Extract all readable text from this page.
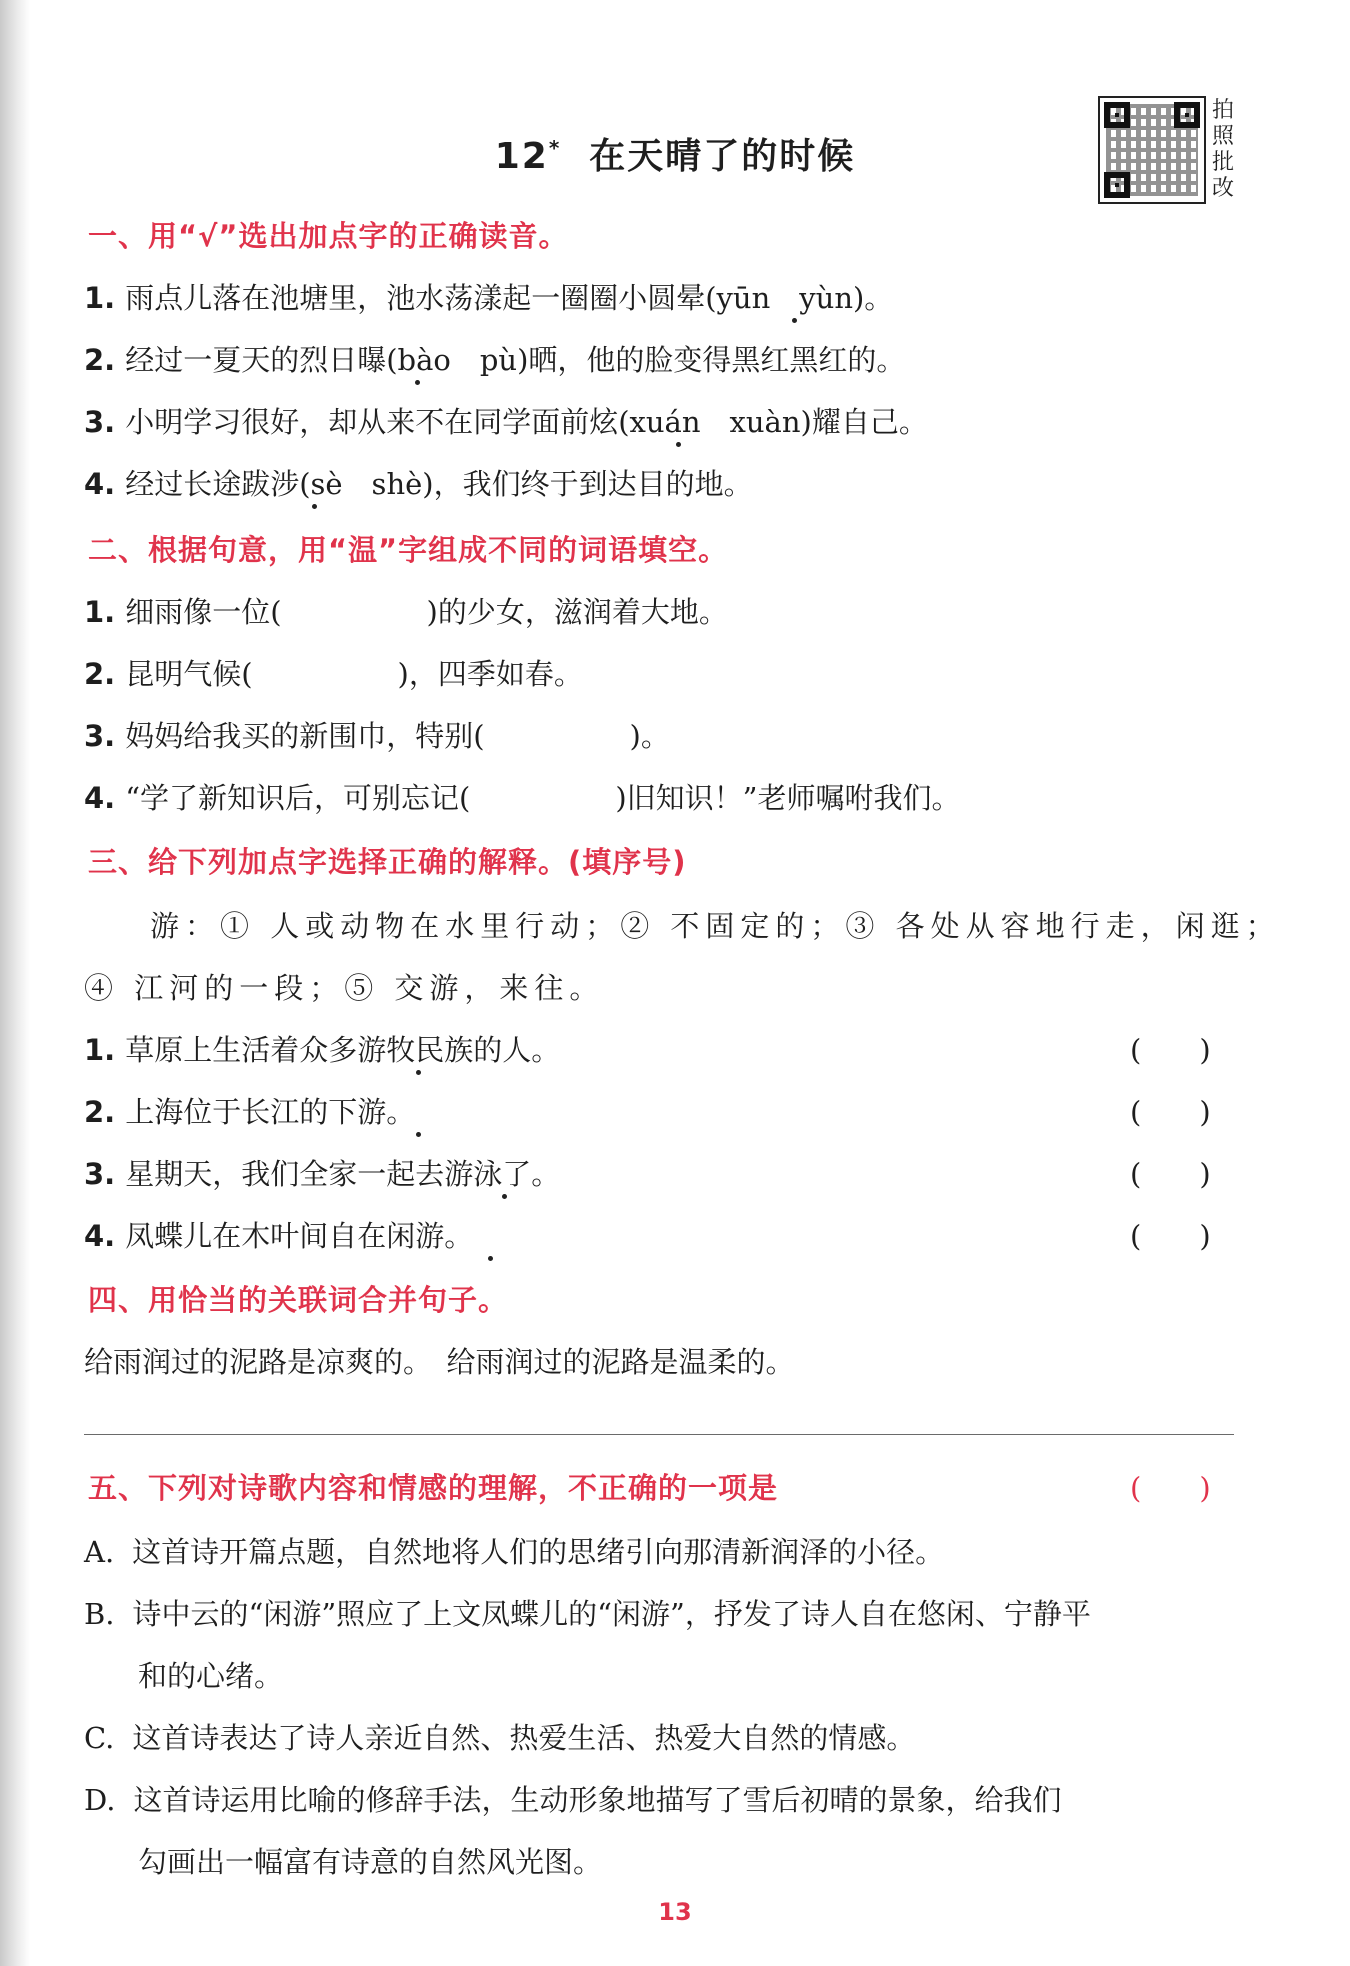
12* 在天晴了的时候
拍照批改
一、用“√”选出加点字的正确读音。
1. 雨点儿落在池塘里，池水荡漾起一圈圈小圆晕(yūn　yùn)。
2. 经过一夏天的烈日曝(bào　pù)晒，他的脸变得黑红黑红的。
3. 小明学习很好，却从来不在同学面前炫(xuán　xuàn)耀自己。
4. 经过长途跋涉(sè　shè)，我们终于到达目的地。
二、根据句意，用“温”字组成不同的词语填空。
1. 细雨像一位(　　　　　)的少女，滋润着大地。
2. 昆明气候(　　　　　)，四季如春。
3. 妈妈给我买的新围巾，特别(　　　　　)。
4. “学了新知识后，可别忘记(　　　　　)旧知识！”老师嘱咐我们。
三、给下列加点字选择正确的解释。(填序号)
游：① 人或动物在水里行动；② 不固定的；③ 各处从容地行走，闲逛；
④ 江河的一段；⑤ 交游，来往。
1. 草原上生活着众多游牧民族的人。	(　　)
2. 上海位于长江的下游。	(　　)
3. 星期天，我们全家一起去游泳了。	(　　)
4. 凤蝶儿在木叶间自在闲游。	(　　)
四、用恰当的关联词合并句子。
给雨润过的泥路是凉爽的。　给雨润过的泥路是温柔的。
五、下列对诗歌内容和情感的理解，不正确的一项是	(　　)
A. 这首诗开篇点题，自然地将人们的思绪引向那清新润泽的小径。
B. 诗中云的“闲游”照应了上文凤蝶儿的“闲游”，抒发了诗人自在悠闲、宁静平
和的心绪。
C. 这首诗表达了诗人亲近自然、热爱生活、热爱大自然的情感。
D. 这首诗运用比喻的修辞手法，生动形象地描写了雪后初晴的景象，给我们
勾画出一幅富有诗意的自然风光图。
13
